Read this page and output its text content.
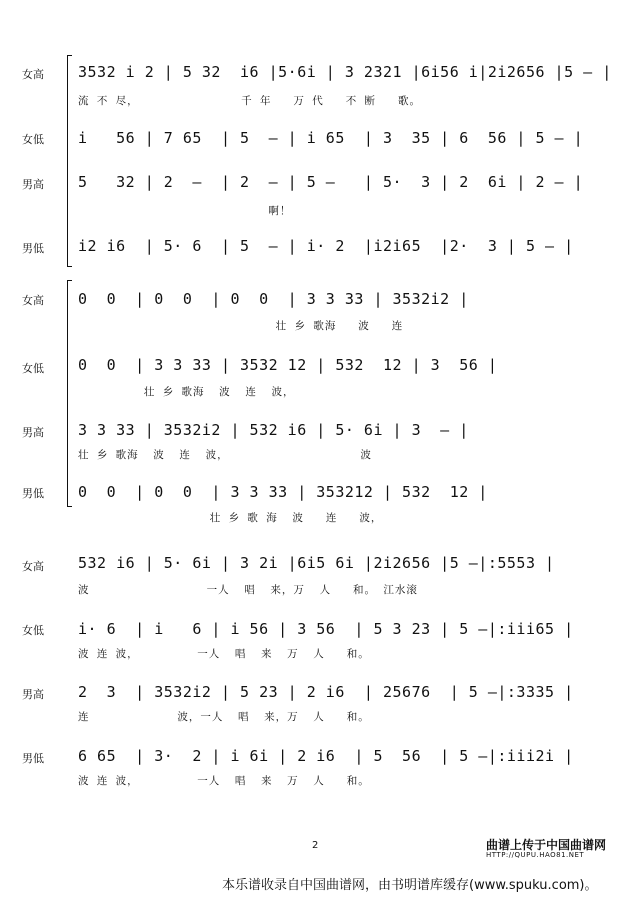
女高 3532 i 2 | 5 32  i6 |5·6i | 3 2321 |6i56 i|2i2656 |5 — |
流 不 尽，              千 年   万 代   不 断   歌。
女低 i   56 | 7 65  | 5  — | i 65  | 3  35 | 6  56 | 5 — |
男高 5   32 | 2  —  | 2  — | 5 —   | 5·  3 | 2  6i | 2 — |
啊！
男低 i2 i6  | 5· 6  | 5  — | i· 2  |i2i65  |2·  3 | 5 — |
女高 0  0  | 0  0  | 0  0  | 3 3 33 | 3532i2 |
壮 乡 歌海   波   连
女低 0  0  | 3 3 33 | 3532 12 | 532  12 | 3  56 |
壮 乡 歌海  波  连  波，
男高 3 3 33 | 3532i2 | 532 i6 | 5· 6i | 3  — |
壮 乡 歌海  波  连  波，                  波
男低 0  0  | 0  0  | 3 3 33 | 353212 | 532  12 |
壮 乡 歌 海  波   连   波，
女高 532 i6 | 5· 6i | 3 2i |6i5 6i |2i2656 |5 —|:5553 |
波                一人  唱  来，万  人   和。 江水滚
女低 i· 6  | i   6 | i 56 | 3 56  | 5 3 23 | 5 —|:iii65 |
波 连 波，        一人  唱  来  万  人   和。
男高 2  3  | 3532i2 | 5 23 | 2 i6  | 25676  | 5 —|:3335 |
连            波，一人  唱  来，万  人   和。
男低 6 65  | 3·  2 | i 6i | 2 i6  | 5  56  | 5 —|:iii2i |
波 连 波，        一人  唱  来  万  人   和。
2	曲谱上传于中国曲谱网
HTTP://QUPU.HAO81.NET
本乐谱收录自中国曲谱网，由书明谱库缓存(www.spuku.com)。
